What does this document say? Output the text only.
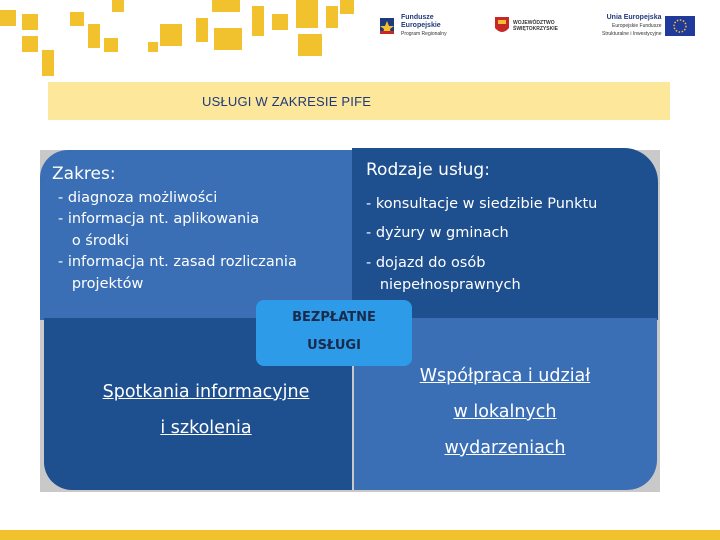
Fundusze
Europejskie
Program Regionalny
WOJEWÓDZTWO
ŚWIĘTOKRZYSKIE
Unia Europejska
Europejskie Fundusze
Strukturalne i Inwestycyjne
USŁUGI W ZAKRESIE PIFE
Zakres:
- diagnoza możliwości
- informacja nt. aplikowania
o środki
- informacja nt. zasad rozliczania
projektów
Rodzaje usług:
- konsultacje w siedzibie Punktu
- dyżury w gminach
- dojazd do osób
niepełnosprawnych
BEZPŁATNE
USŁUGI
Spotkania informacyjne
i szkolenia
Współpraca i udział
w lokalnych
wydarzeniach
